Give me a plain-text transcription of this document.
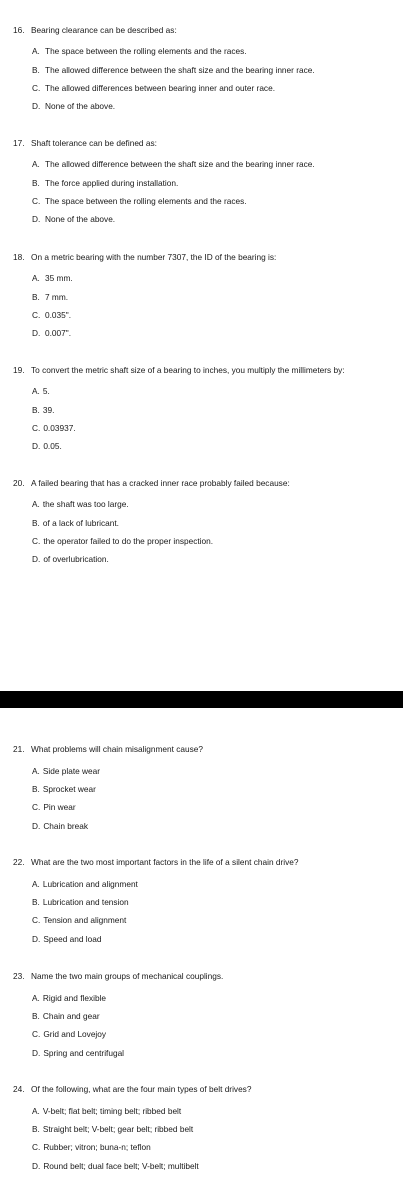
16. Bearing clearance can be described as:
A. The space between the rolling elements and the races.
B. The allowed difference between the shaft size and the bearing inner race.
C. The allowed differences between bearing inner and outer race.
D. None of the above.
17. Shaft tolerance can be defined as:
A. The allowed difference between the shaft size and the bearing inner race.
B. The force applied during installation.
C. The space between the rolling elements and the races.
D. None of the above.
18. On a metric bearing with the number 7307, the ID of the bearing is:
A. 35 mm.
B. 7 mm.
C. 0.035".
D. 0.007".
19. To convert the metric shaft size of a bearing to inches, you multiply the millimeters by:
A. 5.
B. 39.
C. 0.03937.
D. 0.05.
20. A failed bearing that has a cracked inner race probably failed because:
A. the shaft was too large.
B. of a lack of lubricant.
C. the operator failed to do the proper inspection.
D. of overlubrication.
21. What problems will chain misalignment cause?
A. Side plate wear
B. Sprocket wear
C. Pin wear
D. Chain break
22. What are the two most important factors in the life of a silent chain drive?
A. Lubrication and alignment
B. Lubrication and tension
C. Tension and alignment
D. Speed and load
23. Name the two main groups of mechanical couplings.
A. Rigid and flexible
B. Chain and gear
C. Grid and Lovejoy
D. Spring and centrifugal
24. Of the following, what are the four main types of belt drives?
A. V-belt; flat belt; timing belt; ribbed belt
B. Straight belt; V-belt; gear belt; ribbed belt
C. Rubber; vitron; buna-n; teflon
D. Round belt; dual face belt; V-belt; multibelt
